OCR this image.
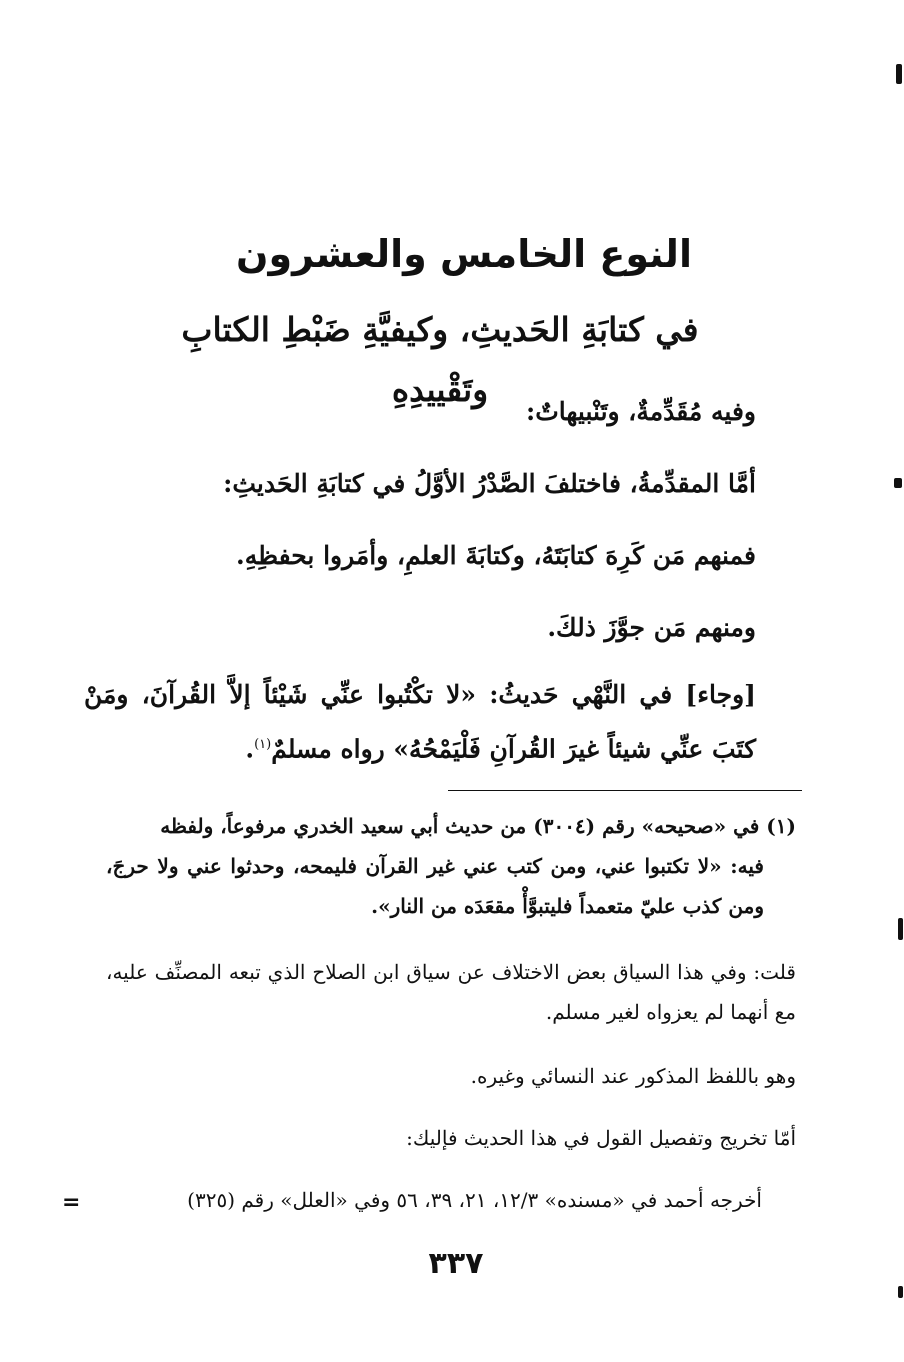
النوع الخامس والعشرون
في كتابَةِ الحَديثِ، وكيفيَّةِ ضَبْطِ الكتابِ وتَقْييدِهِ
وفيه مُقَدِّمةٌ، وتَنْبيهاتٌ:
أمَّا المقدِّمةُ، فاختلفَ الصَّدْرُ الأوَّلُ في كتابَةِ الحَديثِ:
فمنهم مَن كَرِهَ كتابَتَهُ، وكتابَةَ العلمِ، وأمَروا بحفظِهِ.
ومنهم مَن جوَّزَ ذلكَ.
[وجاء] في النَّهْي حَديثُ: «لا تكْتُبوا عنِّي شَيْئاً إلاَّ القُرآنَ، ومَنْ كتَبَ عنِّي شيئاً غيرَ القُرآنِ فَلْيَمْحُهُ» رواه مسلمٌ$^{(١)}$.
(١) في «صحيحه» رقم (٣٠٠٤) من حديث أبي سعيد الخدري مرفوعاً، ولفظه
فيه: «لا تكتبوا عني، ومن كتب عني غير القرآن فليمحه، وحدثوا عني ولا حرجَ، ومن كذب عليّ متعمداً فليتبوَّأْ مقعَدَه من النار».
قلت: وفي هذا السياق بعض الاختلاف عن سياق ابن الصلاح الذي تبعه المصنِّف عليه، مع أنهما لم يعزواه لغير مسلم.
وهو باللفظ المذكور عند النسائي وغيره.
أمّا تخريج وتفصيل القول في هذا الحديث فإليك:
أخرجه أحمد في «مسنده» ١٢/٣، ٢١، ٣٩، ٥٦ وفي «العلل» رقم (٣٢٥)
=
٣٣٧
